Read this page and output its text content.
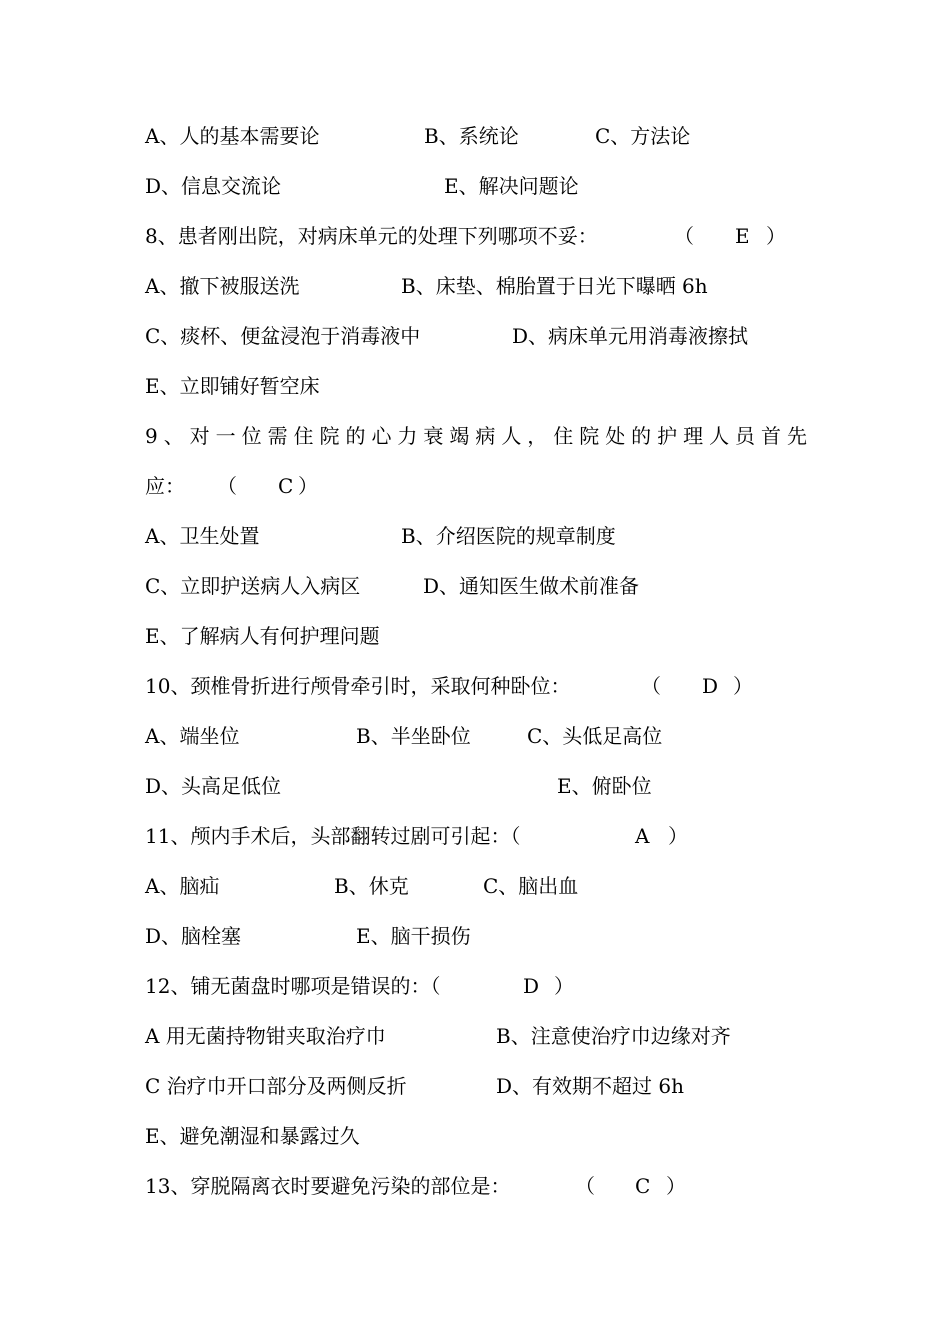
A、人的基本需要论	B、系统论	C、方法论
D、信息交流论	E、解决问题论
8、患者刚出院，对病床单元的处理下列哪项不妥：	（ E ）
A、撤下被服送洗	B、床垫、棉胎置于日光下曝晒 6h
C、痰杯、便盆浸泡于消毒液中	D、病床单元用消毒液擦拭
E、立即铺好暂空床
9、对一位需住院的心力衰竭病人，住院处的护理人员首先
应： （ C ）
A、卫生处置	B、介绍医院的规章制度
C、立即护送病人入病区	D、通知医生做术前准备
E、了解病人有何护理问题
10、颈椎骨折进行颅骨牵引时，采取何种卧位：	（ D ）
A、端坐位	B、半坐卧位	C、头低足高位
D、头高足低位	E、俯卧位
11、颅内手术后，头部翻转过剧可引起：（	A ）
A、脑疝	B、休克	C、脑出血
D、脑栓塞	E、脑干损伤
12、铺无菌盘时哪项是错误的：（	D ）
A 用无菌持物钳夹取治疗巾	B、注意使治疗巾边缘对齐
C 治疗巾开口部分及两侧反折	D、有效期不超过 6h
E、避免潮湿和暴露过久
13、穿脱隔离衣时要避免污染的部位是：	（ C ）
